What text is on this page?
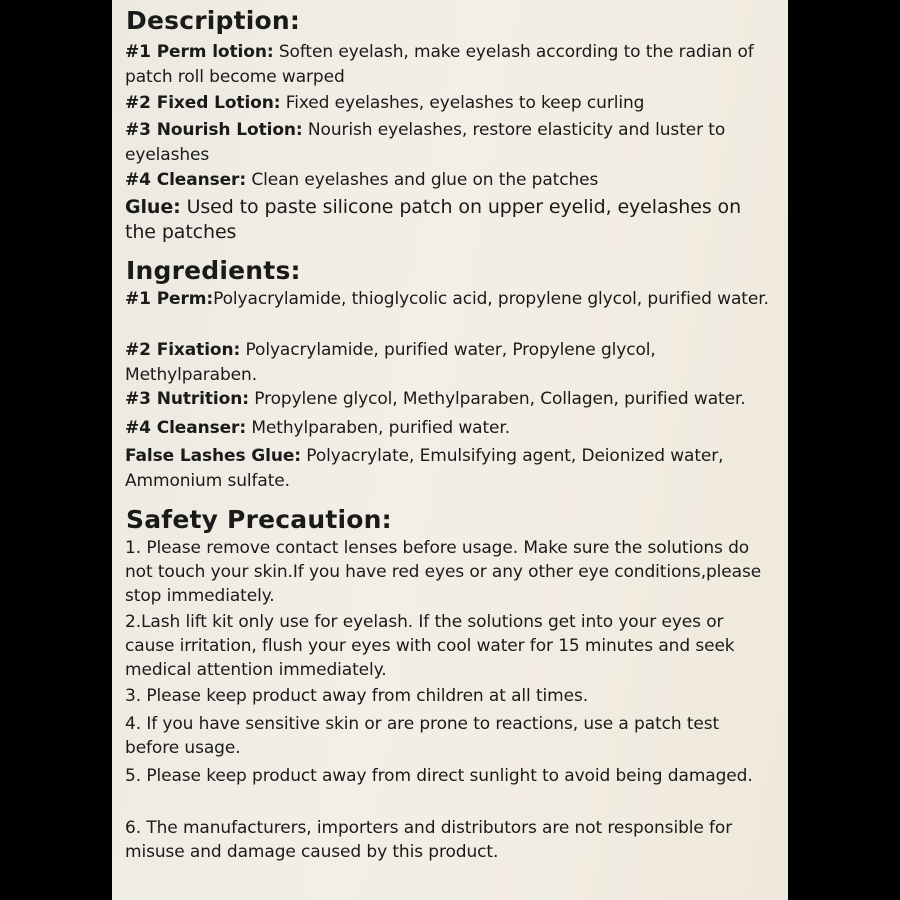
Description:
#1 Perm lotion: Soften eyelash, make eyelash according to the radian of patch roll become warped
#2 Fixed Lotion: Fixed eyelashes, eyelashes to keep curling
#3 Nourish Lotion: Nourish eyelashes, restore elasticity and luster to eyelashes
#4 Cleanser: Clean eyelashes and glue on the patches
Glue: Used to paste silicone patch on upper eyelid, eyelashes on the patches
Ingredients:
#1 Perm:Polyacrylamide, thioglycolic acid, propylene glycol, purified water.
#2 Fixation: Polyacrylamide, purified water, Propylene glycol, Methylparaben.
#3 Nutrition: Propylene glycol, Methylparaben, Collagen, purified water.
#4 Cleanser: Methylparaben, purified water.
False Lashes Glue: Polyacrylate, Emulsifying agent, Deionized water, Ammonium sulfate.
Safety Precaution:
1. Please remove contact lenses before usage. Make sure the solutions do not touch your skin.If you have red eyes or any other eye conditions,please stop immediately.
2.Lash lift kit only use for eyelash. If the solutions get into your eyes or cause irritation, flush your eyes with cool water for 15 minutes and seek medical attention immediately.
3. Please keep product away from children at all times.
4. If you have sensitive skin or are prone to reactions, use a patch test before usage.
5. Please keep product away from direct sunlight to avoid being damaged.
6. The manufacturers, importers and distributors are not responsible for misuse and damage caused by this product.
